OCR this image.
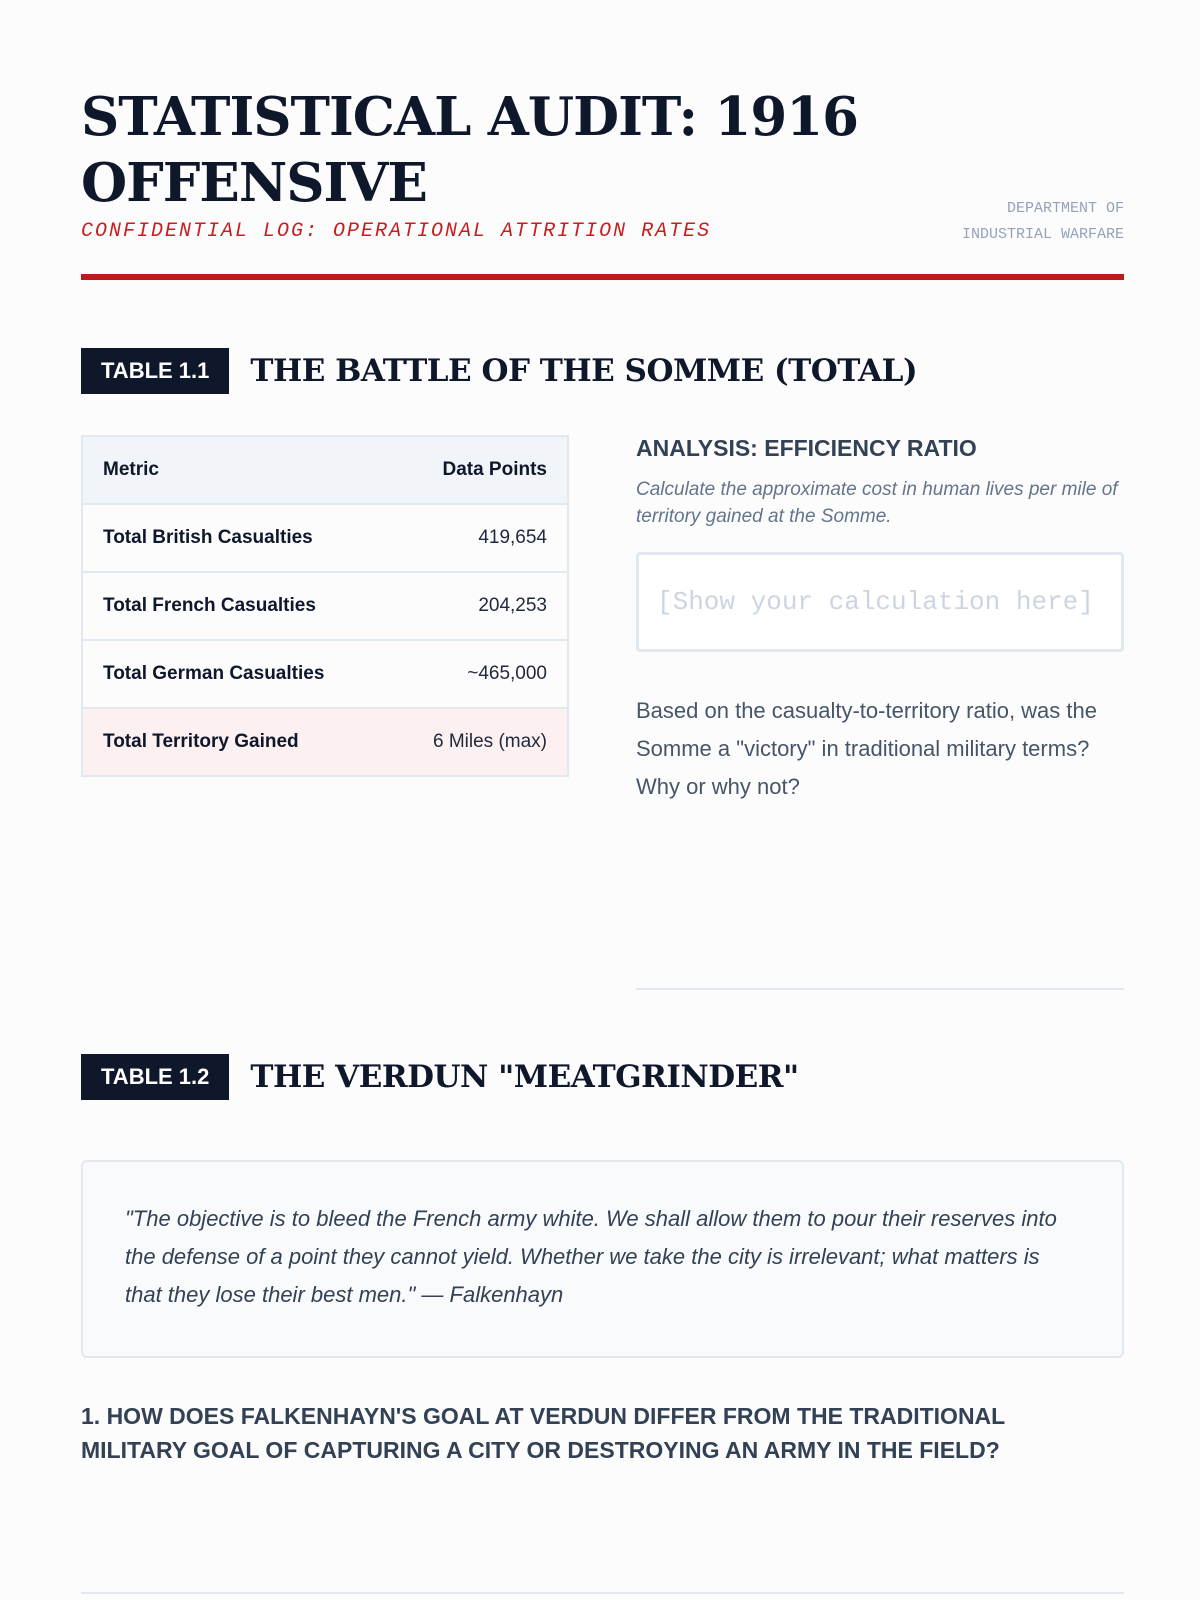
STATISTICAL AUDIT: 1916 OFFENSIVE
CONFIDENTIAL LOG: OPERATIONAL ATTRITION RATES
DEPARTMENT OF
INDUSTRIAL WARFARE
TABLE 1.1	THE BATTLE OF THE SOMME (TOTAL)
Metric	Data Points
Total British Casualties	419,654
Total French Casualties	204,253
Total German Casualties	~465,000
Total Territory Gained	6 Miles (max)
ANALYSIS: EFFICIENCY RATIO

Calculate the approximate cost in human lives per mile of territory gained at the Somme.

[Show your calculation here]

Based on the casualty-to-territory ratio, was the Somme a "victory" in traditional military terms? Why or why not?

TABLE 1.2	THE VERDUN "MEATGRINDER"

"The objective is to bleed the French army white. We shall allow them to pour their reserves into the defense of a point they cannot yield. Whether we take the city is irrelevant; what matters is that they lose their best men." — Falkenhayn

1. HOW DOES FALKENHAYN'S GOAL AT VERDUN DIFFER FROM THE TRADITIONAL MILITARY GOAL OF CAPTURING A CITY OR DESTROYING AN ARMY IN THE FIELD?
